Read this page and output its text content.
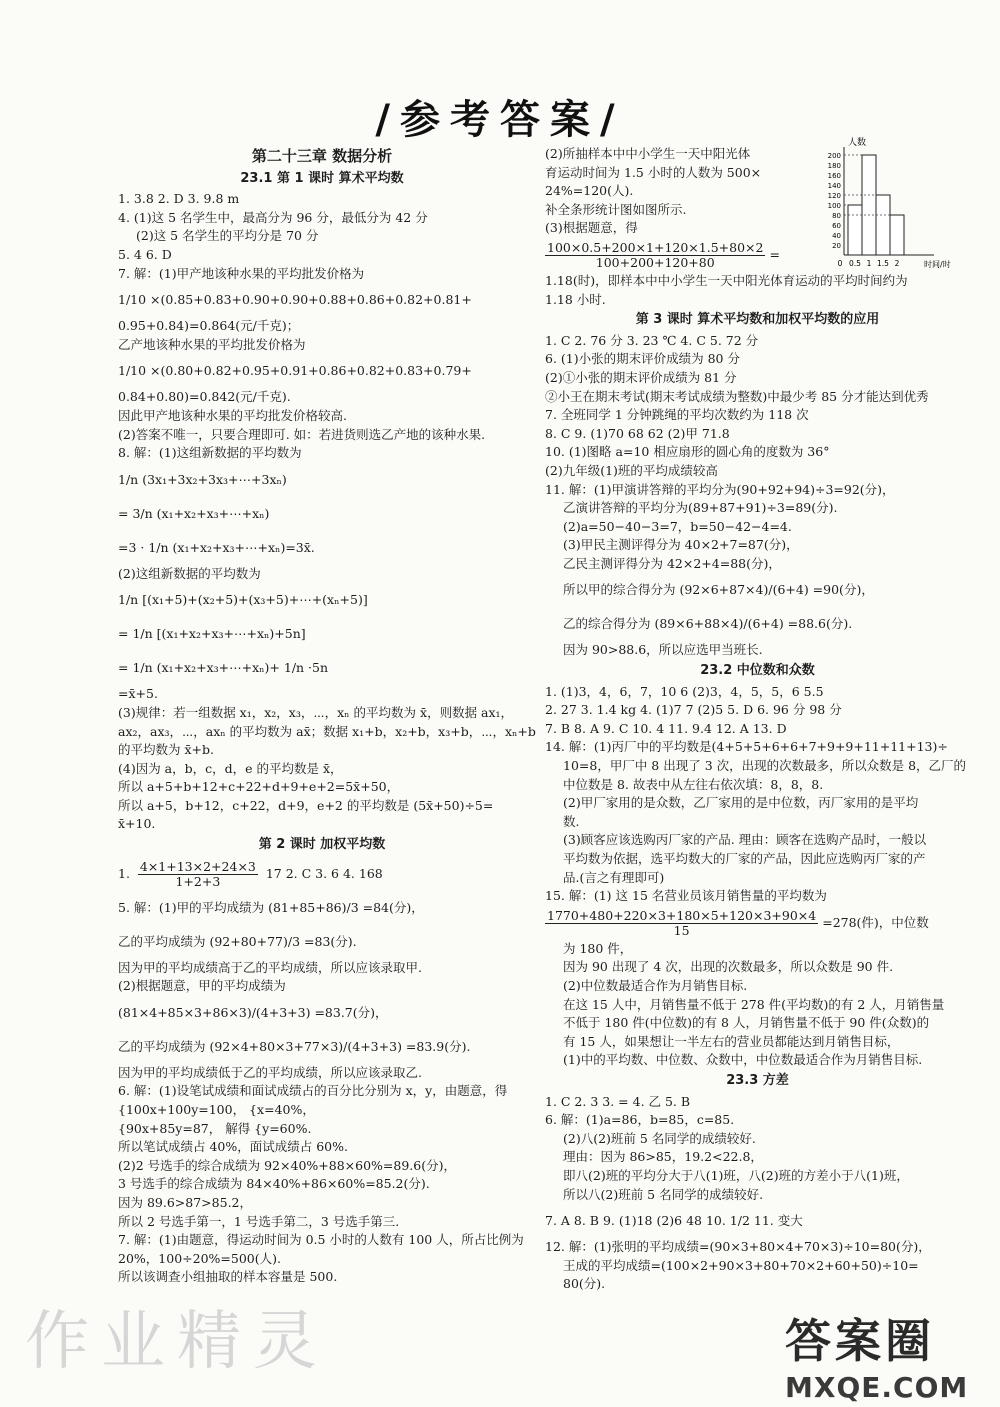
/参考答案/
第二十三章 数据分析
23.1 第 1 课时 算术平均数
1. 3.8 2. D 3. 9.8 m
4. (1)这 5 名学生中，最高分为 96 分，最低分为 42 分
(2)这 5 名学生的平均分是 70 分
5. 4 6. D
7. 解：(1)甲产地该种水果的平均批发价格为
1/10 ×(0.85+0.83+0.90+0.90+0.88+0.86+0.82+0.81+
0.95+0.84)=0.864(元/千克)；
乙产地该种水果的平均批发价格为
1/10 ×(0.80+0.82+0.95+0.91+0.86+0.82+0.83+0.79+
0.84+0.80)=0.842(元/千克).
因此甲产地该种水果的平均批发价格较高.
(2)答案不唯一，只要合理即可. 如：若进货则选乙产地的该种水果.
8. 解：(1)这组新数据的平均数为
1/n (3x₁+3x₂+3x₃+⋯+3xₙ)
= 3/n (x₁+x₂+x₃+⋯+xₙ)
=3 · 1/n (x₁+x₂+x₃+⋯+xₙ)=3x̄.
(2)这组新数据的平均数为
1/n [(x₁+5)+(x₂+5)+(x₃+5)+⋯+(xₙ+5)]
= 1/n [(x₁+x₂+x₃+⋯+xₙ)+5n]
= 1/n (x₁+x₂+x₃+⋯+xₙ)+ 1/n ·5n
=x̄+5.
(3)规律：若一组数据 x₁，x₂，x₃，⋯，xₙ 的平均数为 x̄，则数据 ax₁，
ax₂，ax₃，⋯，axₙ 的平均数为 ax̄；数据 x₁+b，x₂+b，x₃+b，⋯，xₙ+b
的平均数为 x̄+b.
(4)因为 a，b，c，d，e 的平均数是 x̄，
所以 a+5+b+12+c+22+d+9+e+2=5x̄+50，
所以 a+5，b+12，c+22，d+9，e+2 的平均数是 (5x̄+50)÷5=
x̄+10.
第 2 课时 加权平均数
1. $\frac{4\times 1+13\times 2+24\times 3}{1+2+3} 17$ 2. C 3. 6 4. 168
5. 解：(1)甲的平均成绩为 (81+85+86)/3 =84(分)，
乙的平均成绩为 (92+80+77)/3 =83(分).
因为甲的平均成绩高于乙的平均成绩，所以应该录取甲.
(2)根据题意，甲的平均成绩为
(81×4+85×3+86×3)/(4+3+3) =83.7(分)，
乙的平均成绩为 (92×4+80×3+77×3)/(4+3+3) =83.9(分).
因为甲的平均成绩低于乙的平均成绩，所以应该录取乙.
6. 解：(1)设笔试成绩和面试成绩占的百分比分别为 x，y，由题意，得
{100x+100y=100， {x=40%，
{90x+85y=87， 解得 {y=60%.
所以笔试成绩占 40%，面试成绩占 60%.
(2)2 号选手的综合成绩为 92×40%+88×60%=89.6(分)，
3 号选手的综合成绩为 84×40%+86×60%=85.2(分).
因为 89.6>87>85.2，
所以 2 号选手第一，1 号选手第二，3 号选手第三.
7. 解：(1)由题意，得运动时间为 0.5 小时的人数有 100 人，所占比例为
20%，100÷20%=500(人).
所以该调查小组抽取的样本容量是 500.
(2)所抽样本中中小学生一天中阳光体
育运动时间为 1.5 小时的人数为 500×
24%=120(人).
补全条形统计图如图所示.
(3)根据题意，得
$\frac{100\times 0.5+200\times 1+120\times 1.5+80\times 2}{100+200+120+80}$ =
1.18(时)，即样本中中小学生一天中阳光体育运动的平均时间约为
1.18 小时.
第 3 课时 算术平均数和加权平均数的应用
1. C 2. 76 分 3. 23 ℃ 4. C 5. 72 分
6. (1)小张的期末评价成绩为 80 分
(2)①小张的期末评价成绩为 81 分
②小王在期末考试(期末考试成绩为整数)中最少考 85 分才能达到优秀
7. 全班同学 1 分钟跳绳的平均次数约为 118 次
8. C 9. (1)70 68 62 (2)甲 71.8
10. (1)图略 a=10 相应扇形的圆心角的度数为 36°
(2)九年级(1)班的平均成绩较高
11. 解：(1)甲演讲答辩的平均分为(90+92+94)÷3=92(分)，
乙演讲答辩的平均分为(89+87+91)÷3=89(分).
(2)a=50−40−3=7，b=50−42−4=4.
(3)甲民主测评得分为 40×2+7=87(分)，
乙民主测评得分为 42×2+4=88(分)，
所以甲的综合得分为 (92×6+87×4)/(6+4) =90(分)，
乙的综合得分为 (89×6+88×4)/(6+4) =88.6(分).
因为 90>88.6，所以应选甲当班长.
23.2 中位数和众数
1. (1)3，4，6，7，10 6 (2)3，4，5，5，6 5.5
2. 27 3. 1.4 kg 4. (1)7 7 (2)5 5. D 6. 96 分 98 分
7. B 8. A 9. C 10. 4 11. 9.4 12. A 13. D
14. 解：(1)丙厂中的平均数是(4+5+5+6+6+7+9+9+11+11+13)÷
10=8，甲厂中 8 出现了 3 次，出现的次数最多，所以众数是 8，乙厂的
中位数是 8. 故表中从左往右依次填：8，8，8.
(2)甲厂家用的是众数，乙厂家用的是中位数，丙厂家用的是平均
数.
(3)顾客应该选购丙厂家的产品. 理由：顾客在选购产品时，一般以
平均数为依据，选平均数大的厂家的产品，因此应选购丙厂家的产
品.(言之有理即可)
15. 解：(1) 这 15 名营业员该月销售量的平均数为
$\frac{1770+480+220\times 3+180\times 5+120\times 3+90\times 4}{15} =278$(件)，中位数
为 180 件，
因为 90 出现了 4 次，出现的次数最多，所以众数是 90 件.
(2)中位数最适合作为月销售目标.
在这 15 人中，月销售量不低于 278 件(平均数)的有 2 人，月销售量
不低于 180 件(中位数)的有 8 人，月销售量不低于 90 件(众数)的
有 15 人，如果想让一半左右的营业员都能达到月销售目标，
(1)中的平均数、中位数、众数中，中位数最适合作为月销售目标.
23.3 方差
1. C 2. 3 3. = 4. 乙 5. B
6. 解：(1)a=86，b=85，c=85.
(2)八(2)班前 5 名同学的成绩较好.
理由：因为 86>85，19.2<22.8，
即八(2)班的平均分大于八(1)班，八(2)班的方差小于八(1)班，
所以八(2)班前 5 名同学的成绩较好.
7. A 8. B 9. (1)18 (2)6 48 10. 1/2 11. 变大
12. 解：(1)张明的平均成绩=(90×3+80×4+70×3)÷10=80(分)，
王成的平均成绩=(100×2+90×3+80+70×2+60+50)÷10=
80(分).
人数
时间/时
20
40
60
80
100
120
140
160
180
200
0 0.5 1 1.5 2
作业精灵	答案圈
MXQE.COM
